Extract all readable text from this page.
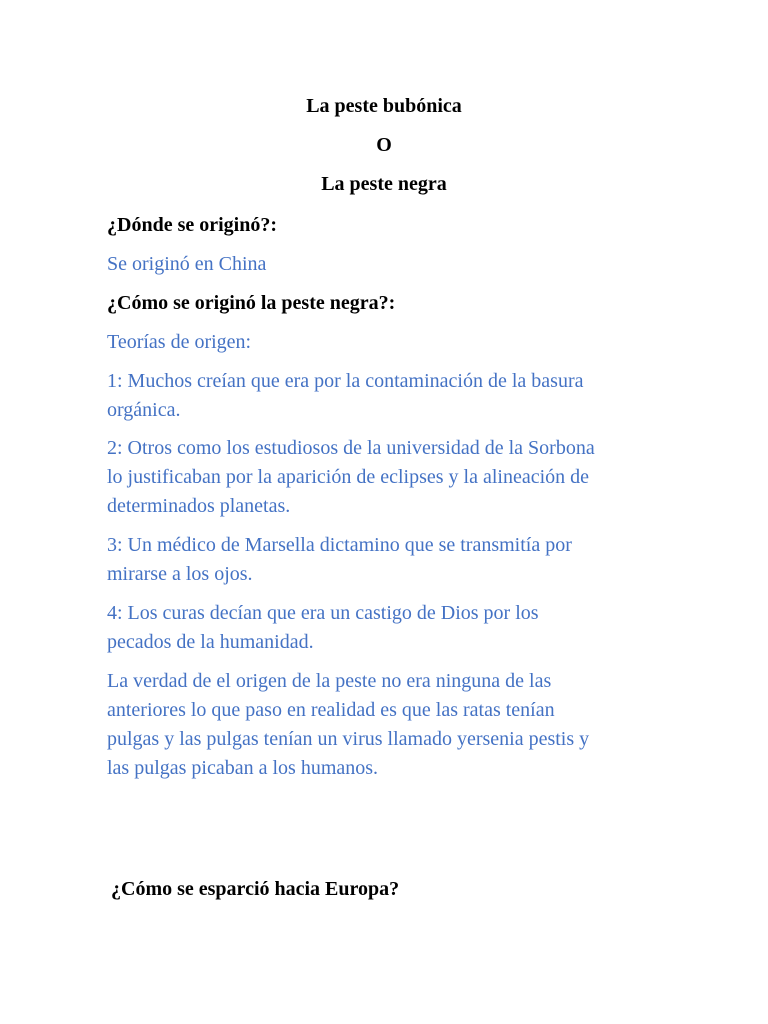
La peste bubónica
O
La peste negra
¿Dónde se originó?:
Se originó en China
¿Cómo se originó la peste negra?:
Teorías de origen:
1: Muchos creían que era por la contaminación de la basura
orgánica.
2: Otros como los estudiosos de la universidad de la Sorbona
lo justificaban por la aparición de eclipses y la alineación de
determinados planetas.
3: Un médico de Marsella dictamino que se transmitía por
mirarse a los ojos.
4: Los curas decían que era un castigo de Dios por los
pecados de la humanidad.
La verdad de el origen de la peste no era ninguna de las
anteriores lo que paso en realidad es que las ratas tenían
pulgas y las pulgas tenían un virus llamado yersenia pestis y
las pulgas picaban a los humanos.
¿Cómo se esparció hacia Europa?
